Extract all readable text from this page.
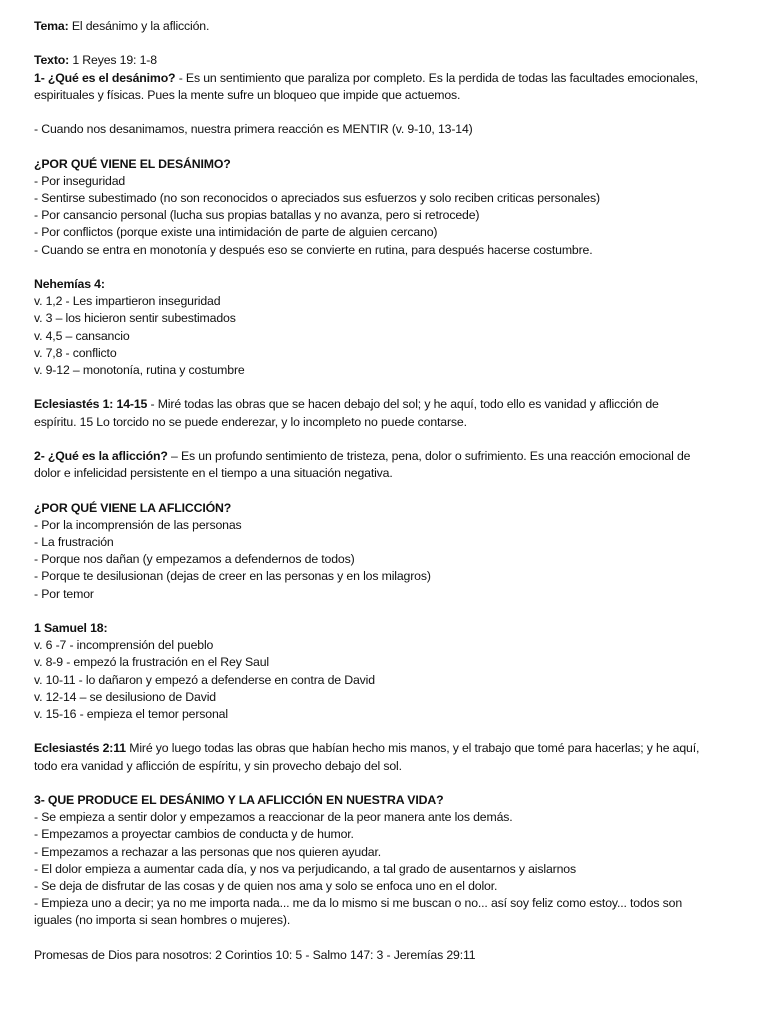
Tema: El desánimo y la aflicción.
Texto: 1 Reyes 19: 1-8
1- ¿Qué es el desánimo? - Es un sentimiento que paraliza por completo. Es la perdida de todas las facultades emocionales,
espirituales y físicas. Pues la mente sufre un bloqueo que impide que actuemos.
- Cuando nos desanimamos, nuestra primera reacción es MENTIR (v. 9-10, 13-14)
¿POR QUÉ VIENE EL DESÁNIMO?
- Por inseguridad
- Sentirse subestimado (no son reconocidos o apreciados sus esfuerzos y solo reciben criticas personales)
- Por cansancio personal (lucha sus propias batallas y no avanza, pero si retrocede)
- Por conflictos (porque existe una intimidación de parte de alguien cercano)
- Cuando se entra en monotonía y después eso se convierte en rutina, para después hacerse costumbre.
Nehemías 4:
v. 1,2 - Les impartieron inseguridad
v. 3 – los hicieron sentir subestimados
v. 4,5 – cansancio
v. 7,8 - conflicto
v. 9-12 – monotonía, rutina y costumbre
Eclesiastés 1: 14-15 - Miré todas las obras que se hacen debajo del sol; y he aquí, todo ello es vanidad y aflicción de
espíritu. 15 Lo torcido no se puede enderezar, y lo incompleto no puede contarse.
2- ¿Qué es la aflicción? – Es un profundo sentimiento de tristeza, pena, dolor o sufrimiento. Es una reacción emocional de
dolor e infelicidad persistente en el tiempo a una situación negativa.
¿POR QUÉ VIENE LA AFLICCIÓN?
- Por la incomprensión de las personas
- La frustración
- Porque nos dañan (y empezamos a defendernos de todos)
- Porque te desilusionan (dejas de creer en las personas y en los milagros)
- Por temor
1 Samuel 18:
v. 6 -7 - incomprensión del pueblo
v. 8-9 - empezó la frustración en el Rey Saul
v. 10-11 - lo dañaron y empezó a defenderse en contra de David
v. 12-14 – se desilusiono de David
v. 15-16 - empieza el temor personal
Eclesiastés 2:11 Miré yo luego todas las obras que habían hecho mis manos, y el trabajo que tomé para hacerlas; y he aquí,
todo era vanidad y aflicción de espíritu, y sin provecho debajo del sol.
3- QUE PRODUCE EL DESÁNIMO Y LA AFLICCIÓN EN NUESTRA VIDA?
- Se empieza a sentir dolor y empezamos a reaccionar de la peor manera ante los demás.
- Empezamos a proyectar cambios de conducta y de humor.
- Empezamos a rechazar a las personas que nos quieren ayudar.
- El dolor empieza a aumentar cada día, y nos va perjudicando, a tal grado de ausentarnos y aislarnos
- Se deja de disfrutar de las cosas y de quien nos ama y solo se enfoca uno en el dolor.
- Empieza uno a decir; ya no me importa nada... me da lo mismo si me buscan o no... así soy feliz como estoy... todos son
iguales (no importa si sean hombres o mujeres).
Promesas de Dios para nosotros: 2 Corintios 10: 5 - Salmo 147: 3 - Jeremías 29:11
